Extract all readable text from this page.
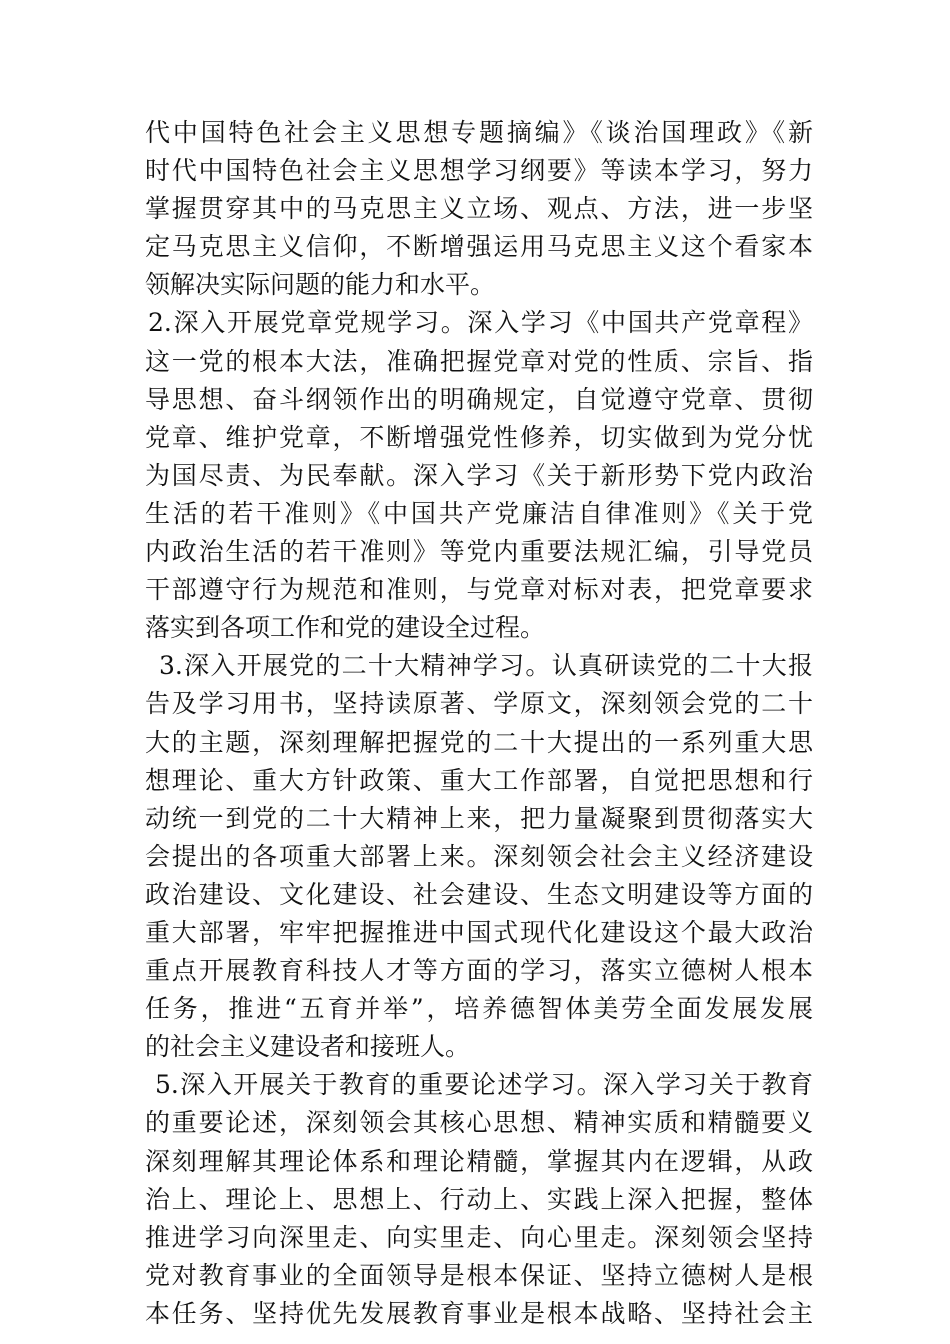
代中国特色社会主义思想专题摘编》《谈治国理政》《新
时代中国特色社会主义思想学习纲要》等读本学习，努力
掌握贯穿其中的马克思主义立场、观点、方法，进一步坚
定马克思主义信仰，不断增强运用马克思主义这个看家本
领解决实际问题的能力和水平。
2.深入开展党章党规学习。深入学习《中国共产党章程》
这一党的根本大法，准确把握党章对党的性质、宗旨、指
导思想、奋斗纲领作出的明确规定，自觉遵守党章、贯彻
党章、维护党章，不断增强党性修养，切实做到为党分忧
为国尽责、为民奉献。深入学习《关于新形势下党内政治
生活的若干准则》《中国共产党廉洁自律准则》《关于党
内政治生活的若干准则》等党内重要法规汇编，引导党员
干部遵守行为规范和准则，与党章对标对表，把党章要求
落实到各项工作和党的建设全过程。
3.深入开展党的二十大精神学习。认真研读党的二十大报
告及学习用书，坚持读原著、学原文，深刻领会党的二十
大的主题，深刻理解把握党的二十大提出的一系列重大思
想理论、重大方针政策、重大工作部署，自觉把思想和行
动统一到党的二十大精神上来，把力量凝聚到贯彻落实大
会提出的各项重大部署上来。深刻领会社会主义经济建设
政治建设、文化建设、社会建设、生态文明建设等方面的
重大部署，牢牢把握推进中国式现代化建设这个最大政治
重点开展教育科技人才等方面的学习，落实立德树人根本
任务，推进“五育并举”，培养德智体美劳全面发展发展
的社会主义建设者和接班人。
5.深入开展关于教育的重要论述学习。深入学习关于教育
的重要论述，深刻领会其核心思想、精神实质和精髓要义
深刻理解其理论体系和理论精髓，掌握其内在逻辑，从政
治上、理论上、思想上、行动上、实践上深入把握，整体
推进学习向深里走、向实里走、向心里走。深刻领会坚持
党对教育事业的全面领导是根本保证、坚持立德树人是根
本任务、坚持优先发展教育事业是根本战略、坚持社会主
